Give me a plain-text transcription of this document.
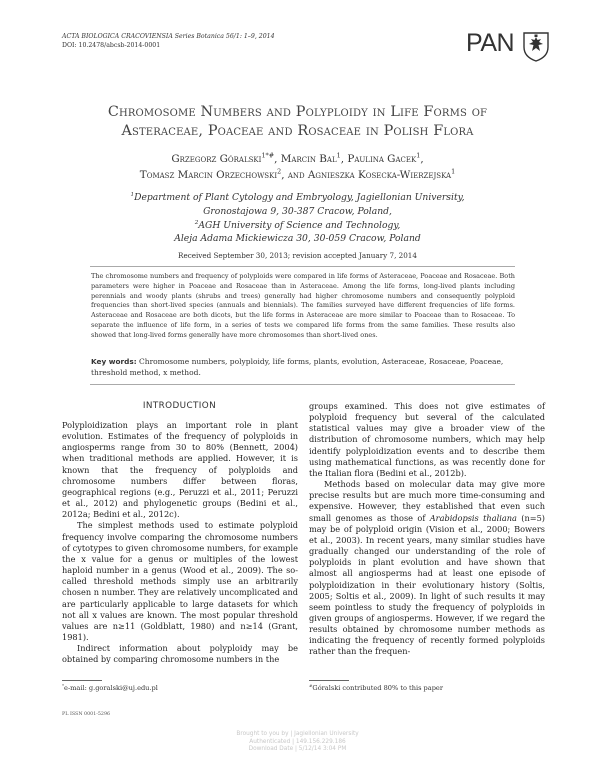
ACTA BIOLOGICA CRACOVIENSIA Series Botanica 56/1: 1–9, 2014
DOI: 10.2478/abcsb-2014-0001	PAN
Chromosome Numbers and Polyploidy in Life Forms of
Asteraceae, Poaceae and Rosaceae in Polish Flora
Grzegorz Góralski$^{1*\#}$, Marcin Bal$^1$, Paulina Gacek$^1$,
Tomasz Marcin Orzechowski$^2$, and Agnieszka Kosecka-Wierzejska$^1$
$^1$Department of Plant Cytology and Embryology, Jagiellonian University,
Gronostajowa 9, 30-387 Cracow, Poland,
$^2$AGH University of Science and Technology,
Aleja Adama Mickiewicza 30, 30-059 Cracow, Poland
Received September 30, 2013; revision accepted January 7, 2014
The chromosome numbers and frequency of polyploids were compared in life forms of Asteraceae, Poaceae and Rosaceae. Both parameters were higher in Poaceae and Rosaceae than in Asteraceae. Among the life forms, long-lived plants including perennials and woody plants (shrubs and trees) generally had higher chromosome numbers and consequently polyploid frequencies than short-lived species (annuals and biennials). The families surveyed have different frequencies of life forms. Asteraceae and Rosaceae are both dicots, but the life forms in Asteraceae are more similar to Poaceae than to Rosaceae. To separate the influence of life form, in a series of tests we compared life forms from the same families. These results also showed that long-lived forms generally have more chromosomes than short-lived ones.
Key words: Chromosome numbers, polyploidy, life forms, plants, evolution, Asteraceae, Rosaceae, Poaceae, threshold method, x method.
INTRODUCTION

Polyploidization plays an important role in plant evolution. Estimates of the frequency of polyploids in angiosperms range from 30 to 80% (Bennett, 2004) when traditional methods are applied. However, it is known that the frequency of polyploids and chromosome numbers differ between floras, geographical regions (e.g., Peruzzi et al., 2011; Peruzzi et al., 2012) and phylogenetic groups (Bedini et al., 2012a; Bedini et al., 2012c).

The simplest methods used to estimate polyploid frequency involve comparing the chromosome numbers of cytotypes to given chromosome numbers, for example the x value for a genus or multiples of the lowest haploid number in a genus (Wood et al., 2009). The so-called threshold methods simply use an arbitrarily chosen n number. They are relatively uncomplicated and are particularly applicable to large datasets for which not all x values are known. The most popular threshold values are n≥11 (Goldblatt, 1980) and n≥14 (Grant, 1981).

Indirect information about polyploidy may be obtained by comparing chromosome numbers in the

groups examined. This does not give estimates of polyploid frequency but several of the calculated statistical values may give a broader view of the distribution of chromosome numbers, which may help identify polyploidization events and to describe them using mathematical functions, as was recently done for the Italian flora (Bedini et al., 2012b).

Methods based on molecular data may give more precise results but are much more time-consuming and expensive. However, they established that even such small genomes as those of Arabidopsis thaliana (n=5) may be of polyploid origin (Vision et al., 2000; Bowers et al., 2003). In recent years, many similar studies have gradually changed our understanding of the role of polyploids in plant evolution and have shown that almost all angiosperms had at least one episode of polyploidization in their evolutionary history (Soltis, 2005; Soltis et al., 2009). In light of such results it may seem pointless to study the frequency of polyploids in given groups of angiosperms. However, if we regard the results obtained by chromosome number methods as indicating the frequency of recently formed polyploids rather than the frequen-

*e-mail: g.goralski@uj.edu.pl	#Góralski contributed 80% to this paper
PL ISSN 0001-5296
Brought to you by | Jagiellonian University
Authenticated | 149.156.229.186
Download Date | 5/12/14 3:04 PM
